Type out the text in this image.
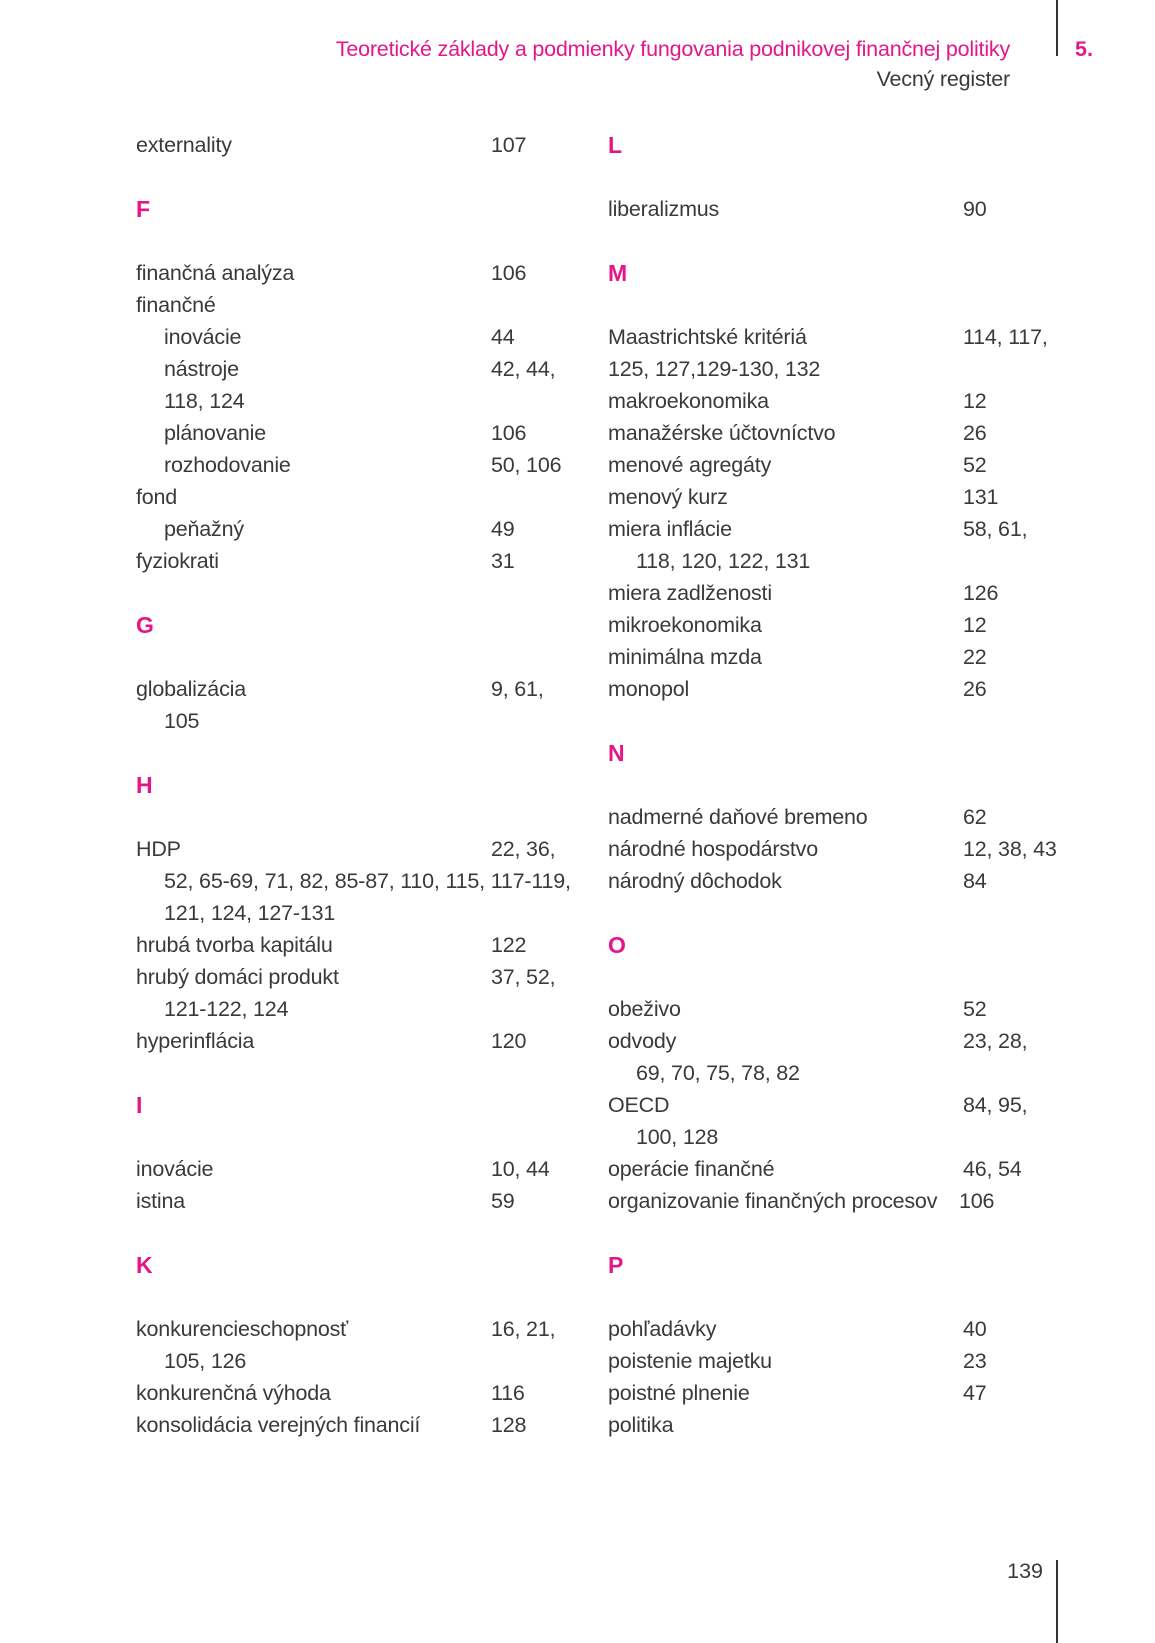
Teoretické základy a podmienky fungovania podnikovej finančnej politiky
Vecný register
5.
externality	107
F
finančná analýza	106
finančné
inovácie	44
nástroje	42, 44,
118, 124
plánovanie	106
rozhodovanie	50, 106
fond
peňažný	49
fyziokrati	31
G
globalizácia	9, 61,
105
H
HDP	22, 36,
52, 65-69, 71, 82, 85-87, 110, 115, 117-119,
121, 124, 127-131
hrubá tvorba kapitálu	122
hrubý domáci produkt	37, 52,
121-122, 124
hyperinflácia	120
I
inovácie	10, 44
istina	59
K
konkurencieschopnosť	16, 21,
105, 126
konkurenčná výhoda	116
konsolidácia verejných financií	128
L
liberalizmus	90
M
Maastrichtské kritériá	114, 117,
125, 127,129-130, 132
makroekonomika	12
manažérske účtovníctvo	26
menové agregáty	52
menový kurz	131
miera inflácie	58, 61,
118, 120, 122, 131
miera zadlženosti	126
mikroekonomika	12
minimálna mzda	22
monopol	26
N
nadmerné daňové bremeno	62
národné hospodárstvo	12, 38, 43
národný dôchodok	84
O
obeživo	52
odvody	23, 28,
69, 70, 75, 78, 82
OECD	84, 95,
100, 128
operácie finančné	46, 54
organizovanie finančných procesov 106
P
pohľadávky	40
poistenie majetku	23
poistné plnenie	47
politika
139
